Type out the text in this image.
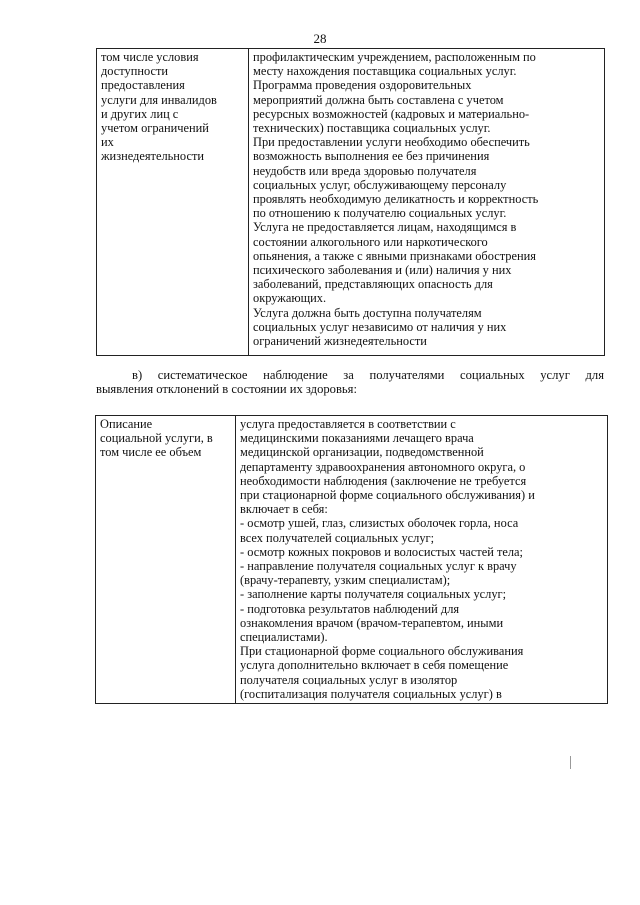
28
том числе условия
доступности
предоставления
услуги для инвалидов
и других лиц с
учетом ограничений
их
жизнедеятельности

профилактическим учреждением, расположенным по
месту нахождения поставщика социальных услуг.
Программа проведения оздоровительных
мероприятий должна быть составлена с учетом
ресурсных возможностей (кадровых и материально-
технических) поставщика социальных услуг.
При предоставлении услуги необходимо обеспечить
возможность выполнения ее без причинения
неудобств или вреда здоровью получателя
социальных услуг, обслуживающему персоналу
проявлять необходимую деликатность и корректность
по отношению к получателю социальных услуг.
Услуга не предоставляется лицам, находящимся в
состоянии алкогольного или наркотического
опьянения, а также с явными признаками обострения
психического заболевания и (или) наличия у них
заболеваний, представляющих опасность для
окружающих.
Услуга должна быть доступна получателям
социальных услуг независимо от наличия у них
ограничений жизнедеятельности
в) систематическое наблюдение за получателями социальных услуг для
выявления отклонений в состоянии их здоровья:
Описание
социальной услуги, в
том числе ее объем

услуга предоставляется в соответствии с
медицинскими показаниями лечащего врача
медицинской организации, подведомственной
департаменту здравоохранения автономного округа, о
необходимости наблюдения (заключение не требуется
при стационарной форме социального обслуживания) и
включает в себя:
- осмотр ушей, глаз, слизистых оболочек горла, носа
всех получателей социальных услуг;
- осмотр кожных покровов и волосистых частей тела;
- направление получателя социальных услуг к врачу
(врачу-терапевту, узким специалистам);
- заполнение карты получателя социальных услуг;
- подготовка результатов наблюдений для
ознакомления врачом (врачом-терапевтом, иными
специалистами).
При стационарной форме социального обслуживания
услуга дополнительно включает в себя помещение
получателя социальных услуг в изолятор
(госпитализация получателя социальных услуг) в
